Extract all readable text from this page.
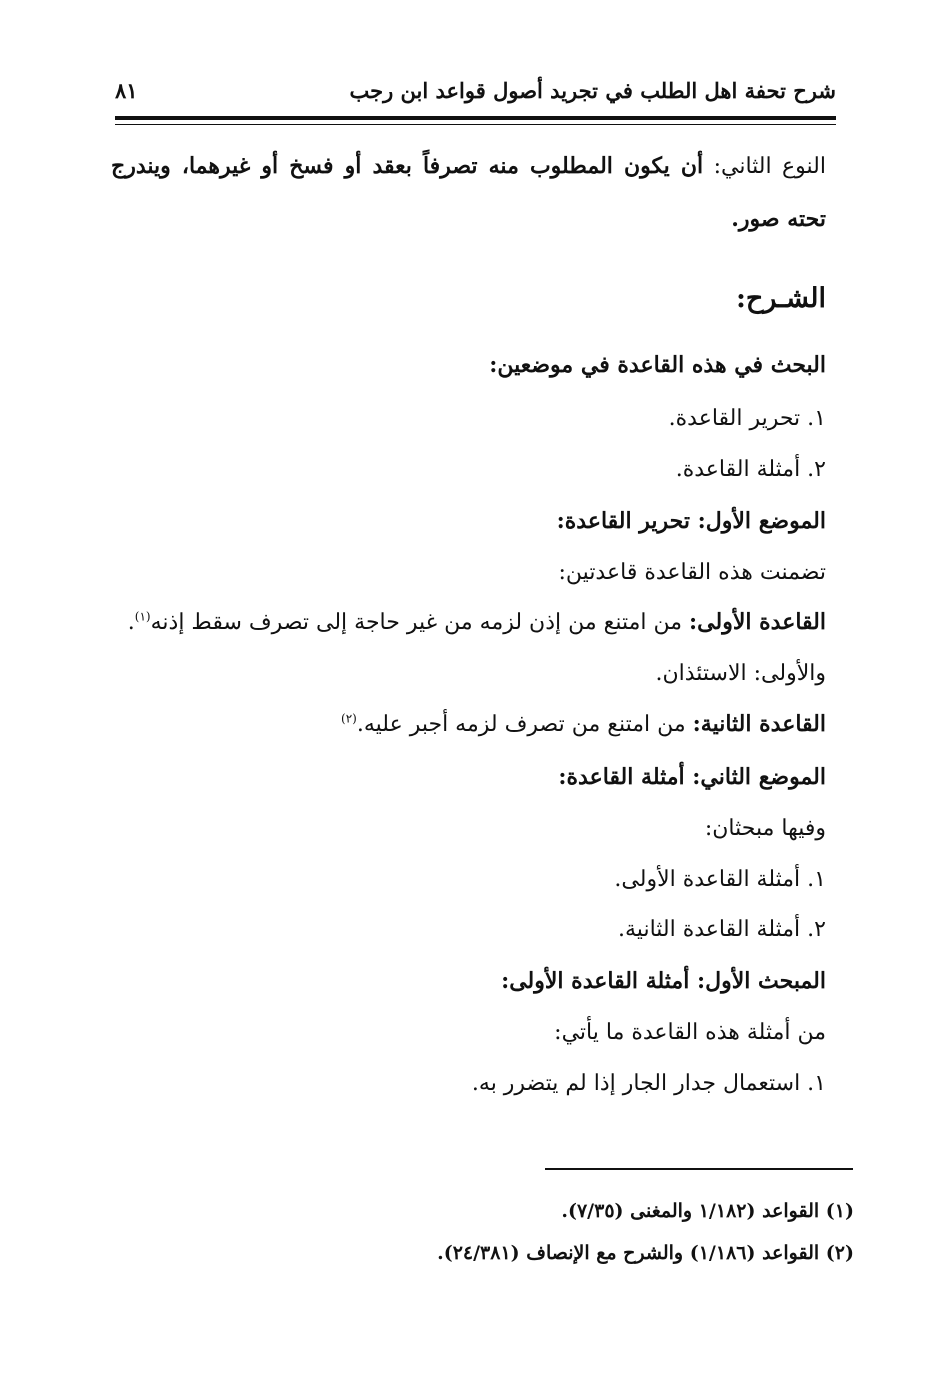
شرح تحفة اهل الطلب في تجريد أصول قواعد ابن رجب
٨١
النوع الثاني: أن يكون المطلوب منه تصرفاً بعقد أو فسخ أو غيرهما، ويندرج تحته صور.
الشـرح:
البحث في هذه القاعدة في موضعين:
١. تحرير القاعدة.
٢. أمثلة القاعدة.
الموضع الأول: تحرير القاعدة:
تضمنت هذه القاعدة قاعدتين:
القاعدة الأولى: من امتنع من إذن لزمه من غير حاجة إلى تصرف سقط إذنه$^{(١)}$.
والأولى: الاستئذان.
القاعدة الثانية: من امتنع من تصرف لزمه أجبر عليه.$^{(٢)}$
الموضع الثاني: أمثلة القاعدة:
وفيها مبحثان:
١. أمثلة القاعدة الأولى.
٢. أمثلة القاعدة الثانية.
المبحث الأول: أمثلة القاعدة الأولى:
من أمثلة هذه القاعدة ما يأتي:
١. استعمال جدار الجار إذا لم يتضرر به.
(١) القواعد (١/١٨٢ والمغنى (٧/٣٥).
(٢) القواعد (١/١٨٦) والشرح مع الإنصاف (٢٤/٣٨١).
